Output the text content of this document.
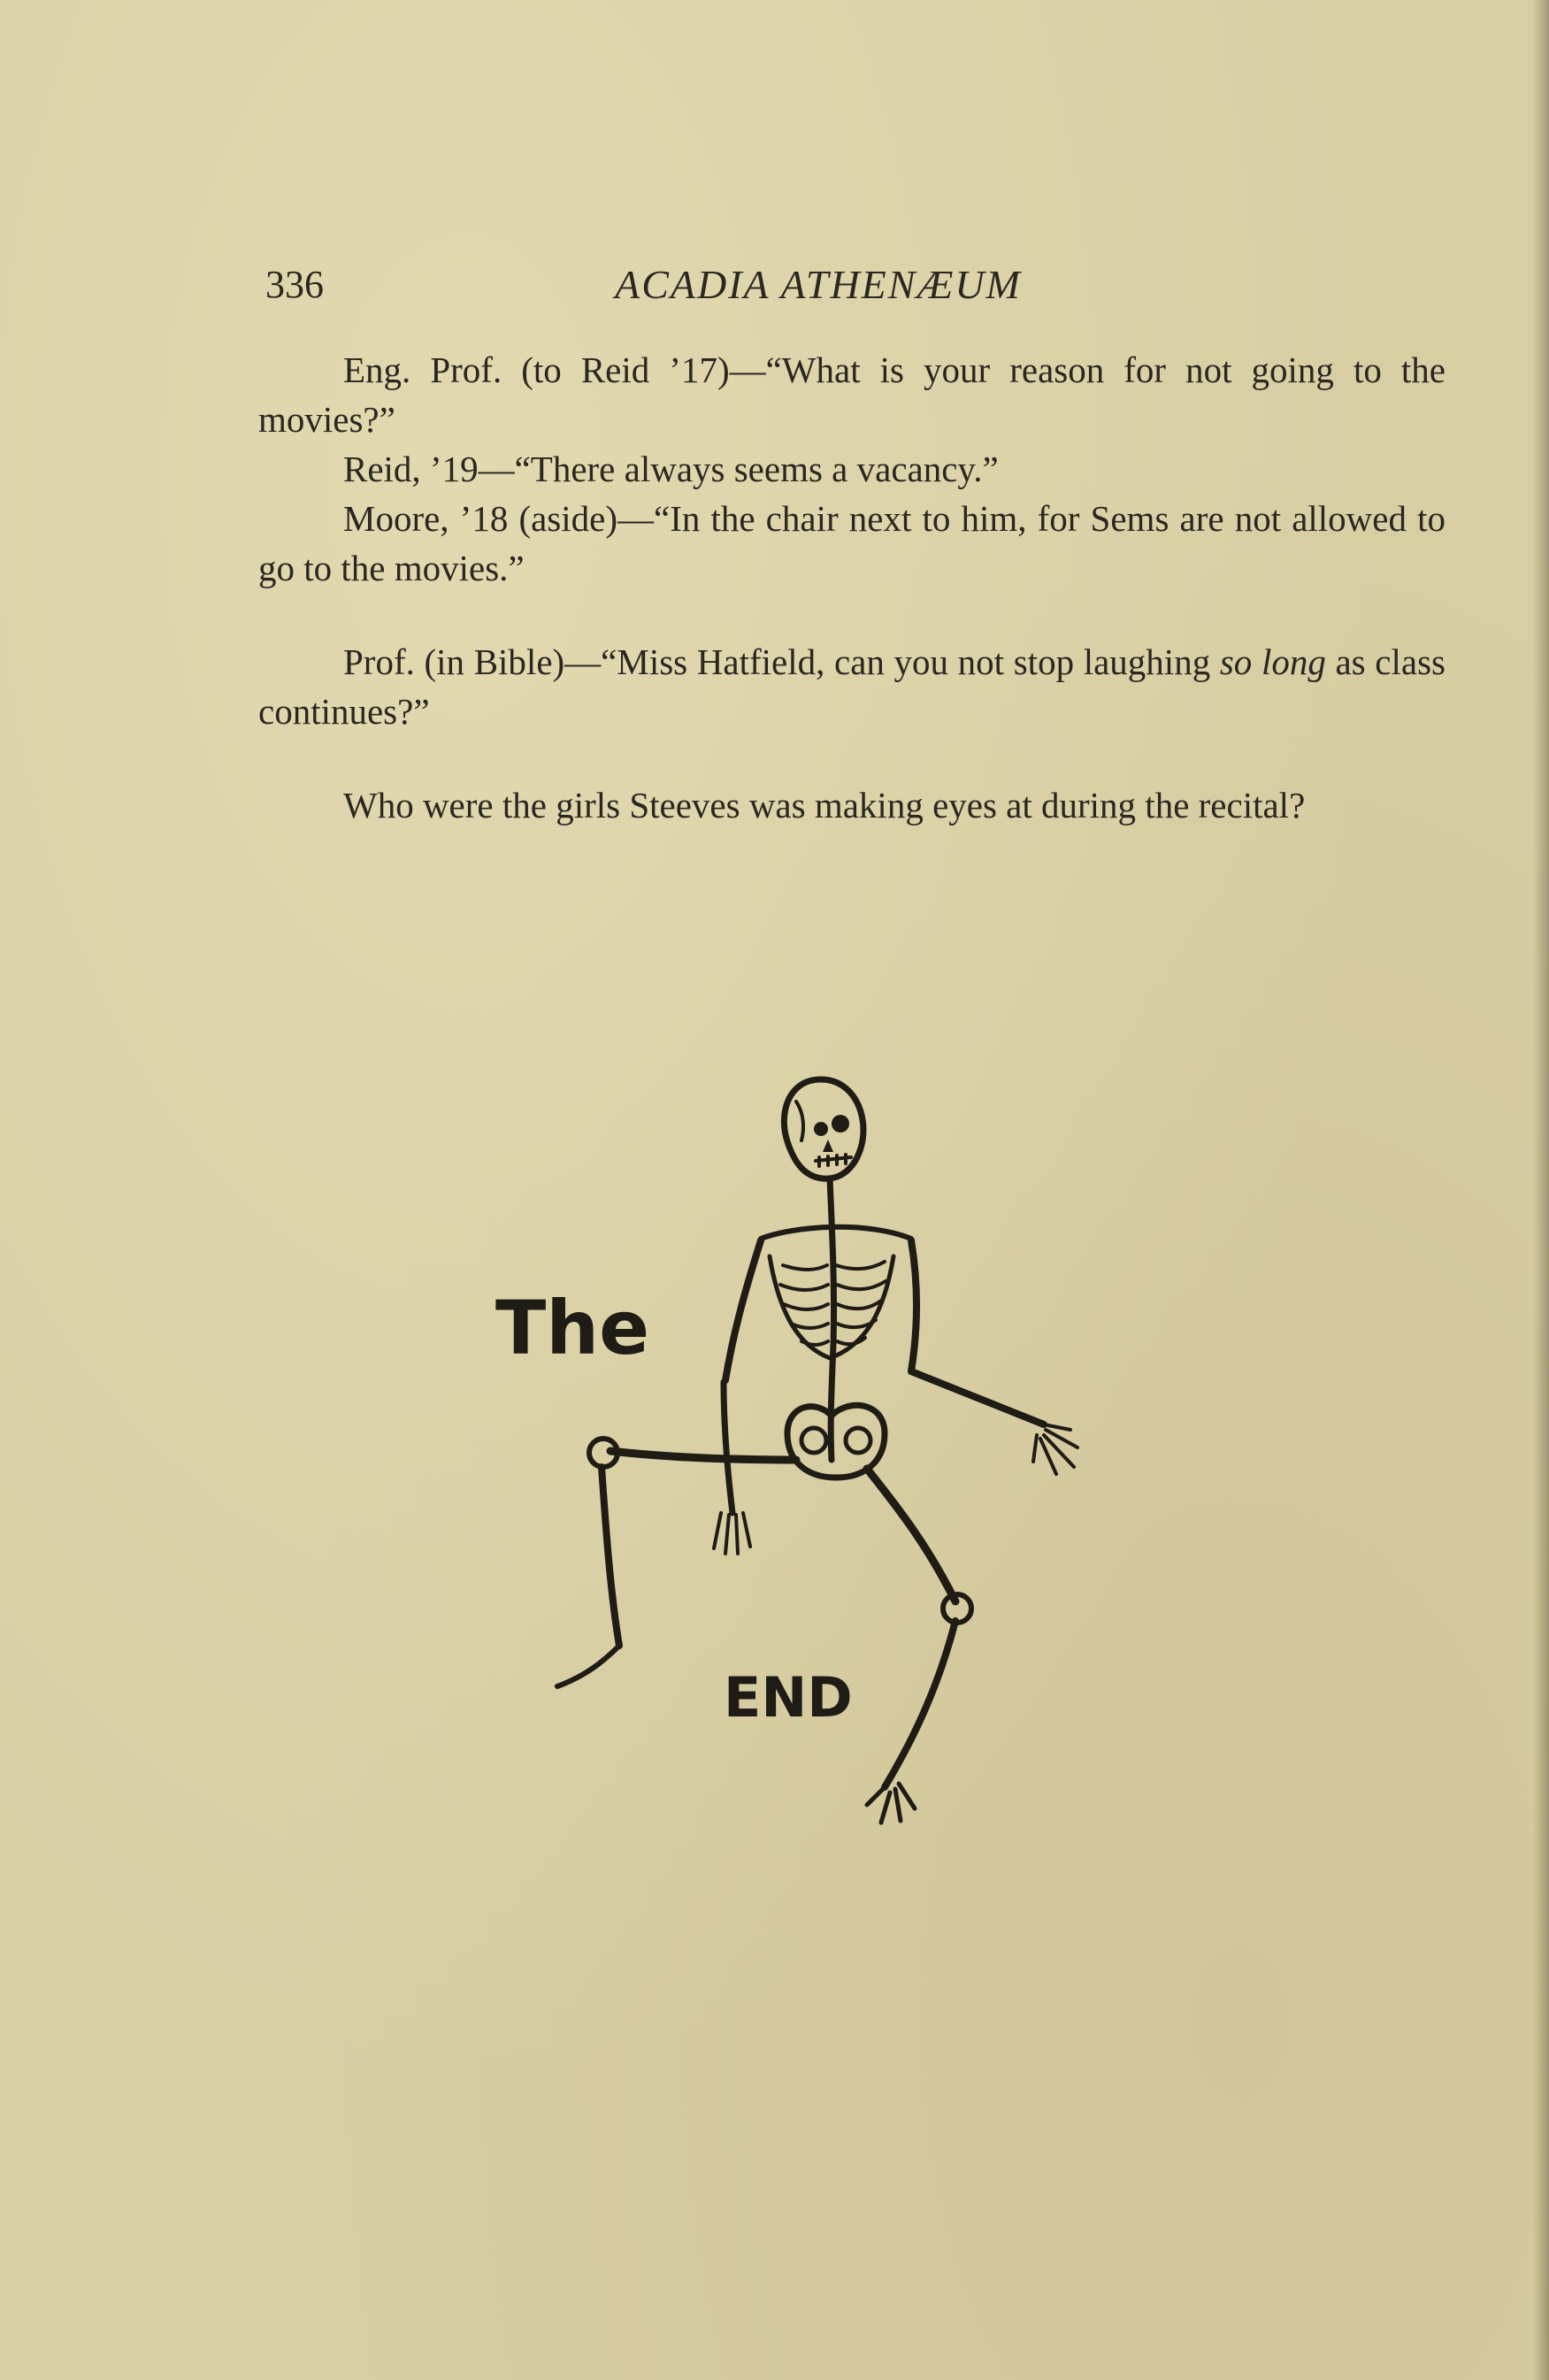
336	ACADIA ATHENÆUM

Eng. Prof. (to Reid ’17)—“What is your reason for not going to the movies?”

Reid, ’19—“There always seems a vacancy.”

Moore, ’18 (aside)—“In the chair next to him, for Sems are not allowed to go to the movies.”

Prof. (in Bible)—“Miss Hatfield, can you not stop laughing so long as class continues?”

Who were the girls Steeves was making eyes at during the recital?

The
END
